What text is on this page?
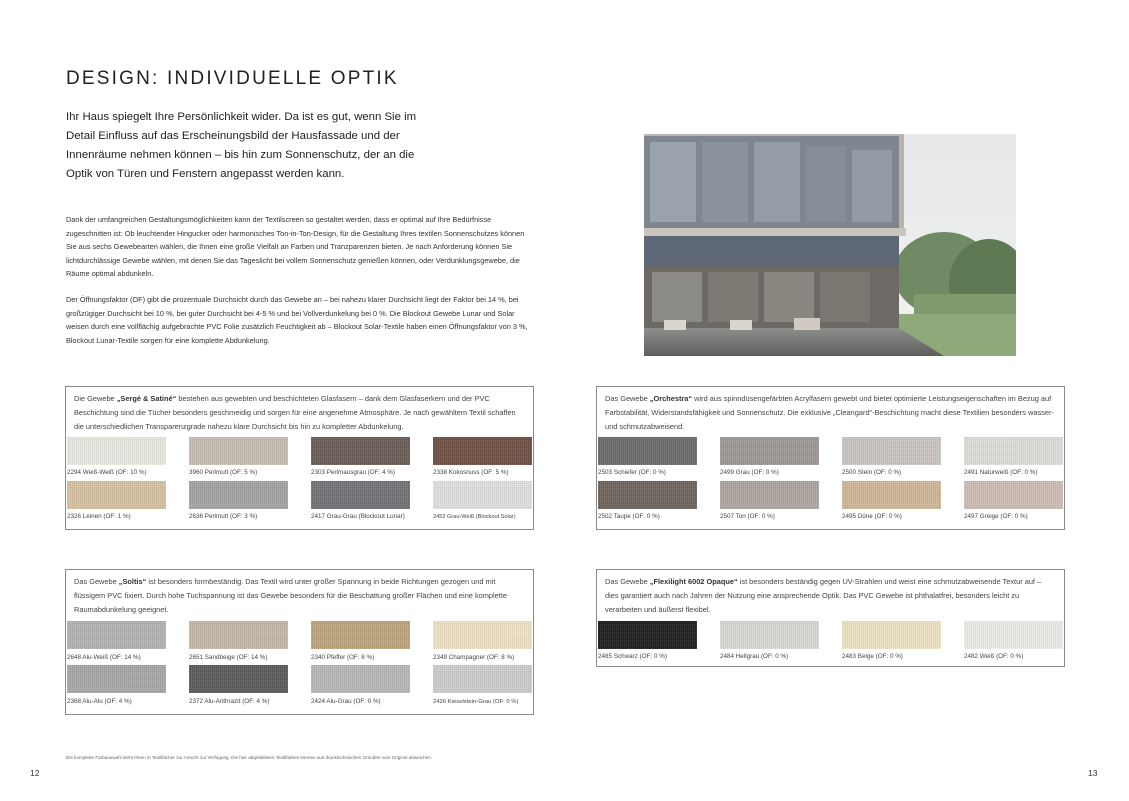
DESIGN: INDIVIDUELLE OPTIK

Ihr Haus spiegelt Ihre Persönlichkeit wider. Da ist es gut, wenn Sie im Detail Einfluss auf das Erscheinungsbild der Hausfassade und der Innenräume nehmen können – bis hin zum Sonnenschutz, der an die Optik von Türen und Fenstern angepasst werden kann.

Dank der umfangreichen Gestaltungsmöglichkeiten kann der Textilscreen so gestaltet werden, dass er optimal auf Ihre Bedürfnisse zugeschnitten ist: Ob leuchtender Hingucker oder harmonisches Ton-in-Ton-Design, für die Gestaltung Ihres textilen Sonnenschutzes können Sie aus sechs Gewebearten wählen, die Ihnen eine große Vielfalt an Farben und Tranzparenzen bieten. Je nach Anforderung können Sie lichtdurchlässige Gewebe wählen, mit denen Sie das Tageslicht bei vollem Sonnenschutz genießen können, oder Verdunklungsgewebe, die Räume optimal abdunkeln.

Der Öffnungsfaktor (OF) gibt die prozentuale Durchsicht durch das Gewebe an – bei nahezu klarer Durchsicht liegt der Faktor bei 14 %, bei großzügiger Durchsicht bei 10 %, bei guter Durchsicht bei 4-5 % und bei Vollverdunkelung bei 0 %. Die Blockout Gewebe Lunar und Solar weisen durch eine vollflächig aufgebrachte PVC Folie zusätzlich Feuchtigkeit ab – Blockout Solar-Textile haben einen Öffnungsfaktor von 3 %, Blockout Lunar-Textile sorgen für eine komplette Abdunkelung.

Die Gewebe „Sergé & Satiné“ bestehen aus gewebten und beschichteten Glasfasern – dank dem Glasfaserkern und der PVC Beschichtung sind die Tücher besonders geschmeidig und sorgen für eine angenehme Atmosphäre. Je nach gewähltem Textil schaffen die unterschiedlichen Transparenzgrade nahezu klare Durchsicht bis hin zu kompletter Abdunkelung.

2294 Weiß-Weiß (OF: 10 %)	3960 Perlmutt (OF: 5 %)	2303 Perlmausgrau (OF: 4 %)	2338 Kokosnuss (OF: 5 %)
2326 Leinen (OF: 1 %)	2636 Perlmutt (OF: 3 %)	2417 Grau-Grau (Blockout Lunar)	2452 Grau-Weiß (Blockout Solar)

Das Gewebe „Orchestra“ wird aus spinndüsengefärbten Acrylfasern gewebt und bietet optimierte Leistungseigenschaften im Bezug auf Farbstabilität, Widerstandsfähigkeit und Sonnenschutz. Die exklusive „Cleangard“-Beschichtung macht diese Textilien besonders wasser- und schmutzabweisend.

2503 Schiefer (OF: 0 %)	2499 Grau (OF: 0 %)	2500 Stein (OF: 0 %)	2491 Naturweiß (OF: 0 %)
2502 Taupe (OF: 0 %)	2507 Ton (OF: 0 %)	2495 Düne (OF: 0 %)	2497 Greige (OF: 0 %)

Das Gewebe „Soltis“ ist besonders formbeständig. Das Textil wird unter großer Spannung in beide Richtungen gezogen und mit flüssigem PVC fixiert. Durch hohe Tuchspannung ist das Gewebe besonders für die Beschattung großer Flächen und eine komplette Raumabdunkelung geeignet.

2648 Alu-Weiß (OF: 14 %)	2651 Sandbeige (OF: 14 %)	2340 Pfeffer (OF: 8 %)	2349 Champagner (OF: 8 %)
2368 Alu-Alu (OF: 4 %)	2372 Alu-Anthrazit (OF: 4 %)	2424 Alu-Grau (OF: 0 %)	2426 Kieselstein-Grau (OF: 0 %)

Das Gewebe „Flexilight 6002 Opaque“ ist besonders beständig gegen UV-Strahlen und weist eine schmutzabweisende Textur auf – dies garantiert auch nach Jahren der Nutzung eine ansprechende Optik. Das PVC Gewebe ist phthalatfrei, besonders leicht zu verarbeiten und äußerst flexibel.

2485 Schwarz (OF: 0 %)	2484 Hellgrau (OF: 0 %)	2483 Beige (OF: 0 %)	2482 Weiß (OF: 0 %)
Die komplette Farbauswahl steht Ihnen in Textilfächer zur Ansicht zur Verfügung. Die hier abgebildeten Textilfarben können aus drucktechnischen Gründen vom Original abweichen.
12	13
